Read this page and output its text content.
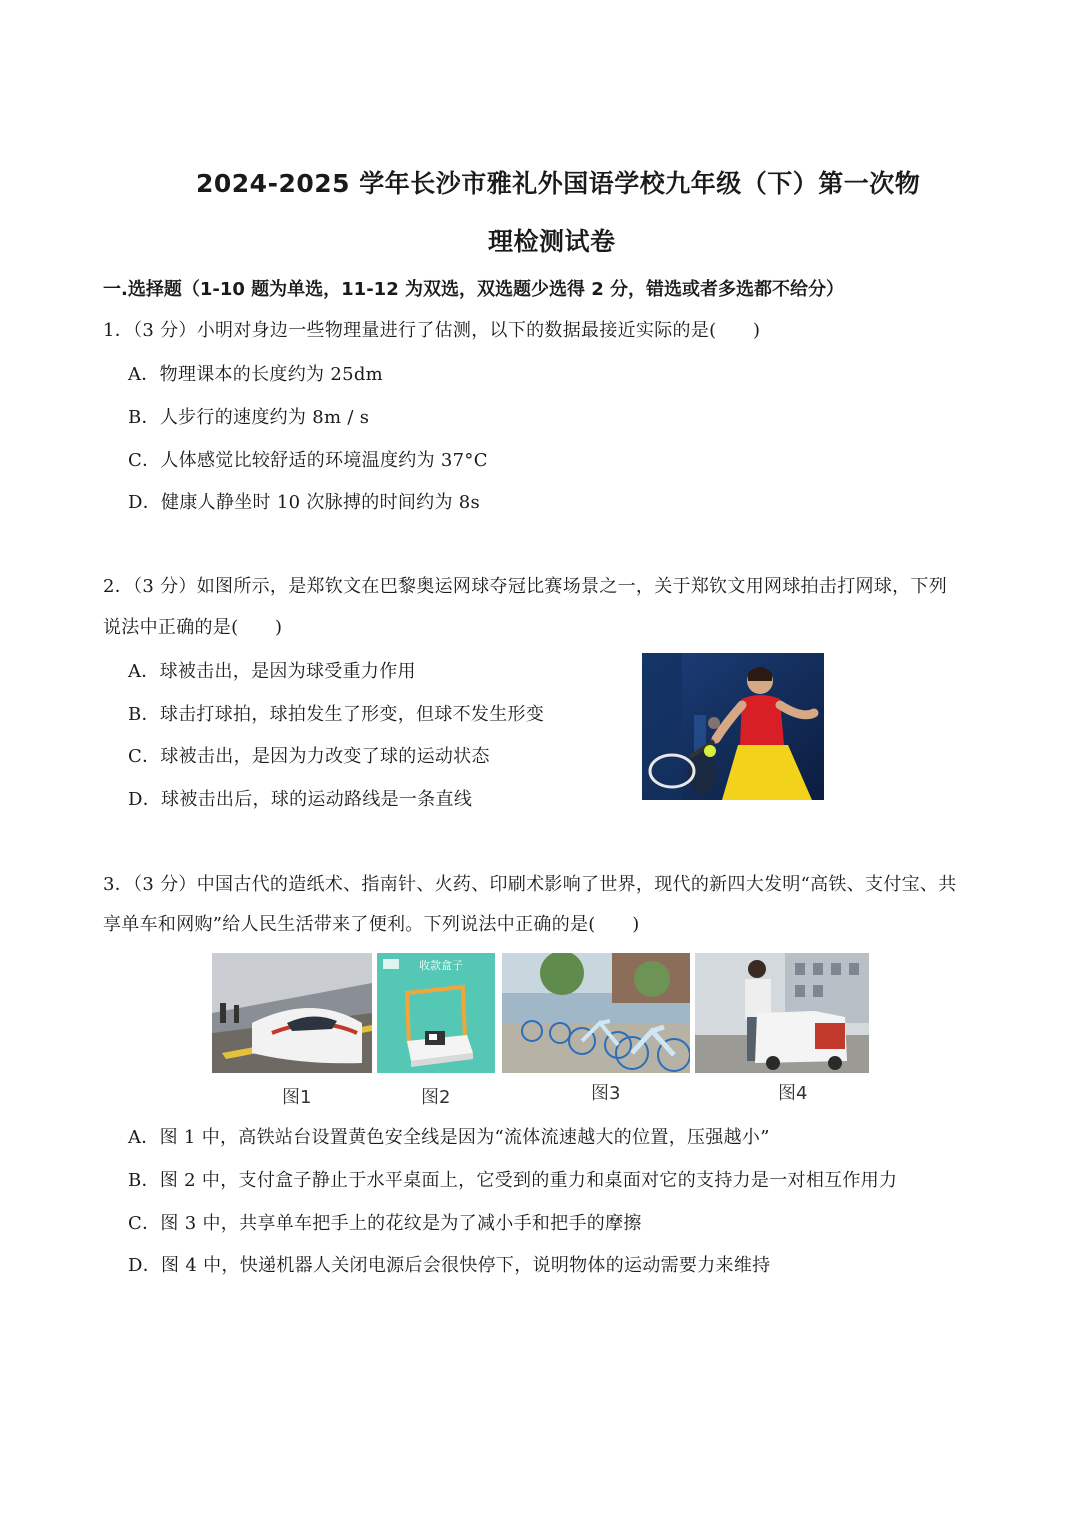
2024-2025 学年长沙市雅礼外国语学校九年级（下）第一次物
理检测试卷
一.选择题（1-10 题为单选，11-12 为双选，双选题少选得 2 分，错选或者多选都不给分）
1．（3 分）小明对身边一些物理量进行了估测，以下的数据最接近实际的是(　　)
A．物理课本的长度约为 25dm
B．人步行的速度约为 8m / s
C．人体感觉比较舒适的环境温度约为 37°C
D．健康人静坐时 10 次脉搏的时间约为 8s
2．（3 分）如图所示，是郑钦文在巴黎奥运网球夺冠比赛场景之一，关于郑钦文用网球拍击打网球，下列
说法中正确的是(　　)
A．球被击出，是因为球受重力作用
B．球击打球拍，球拍发生了形变，但球不发生形变
C．球被击出，是因为力改变了球的运动状态
D．球被击出后，球的运动路线是一条直线
3．（3 分）中国古代的造纸术、指南针、火药、印刷术影响了世界，现代的新四大发明“高铁、支付宝、共
享单车和网购”给人民生活带来了便利。下列说法中正确的是(　　)
收款盒子
图1	图2	图3	图4
A．图 1 中，高铁站台设置黄色安全线是因为“流体流速越大的位置，压强越小”
B．图 2 中，支付盒子静止于水平桌面上，它受到的重力和桌面对它的支持力是一对相互作用力
C．图 3 中，共享单车把手上的花纹是为了减小手和把手的摩擦
D．图 4 中，快递机器人关闭电源后会很快停下，说明物体的运动需要力来维持
